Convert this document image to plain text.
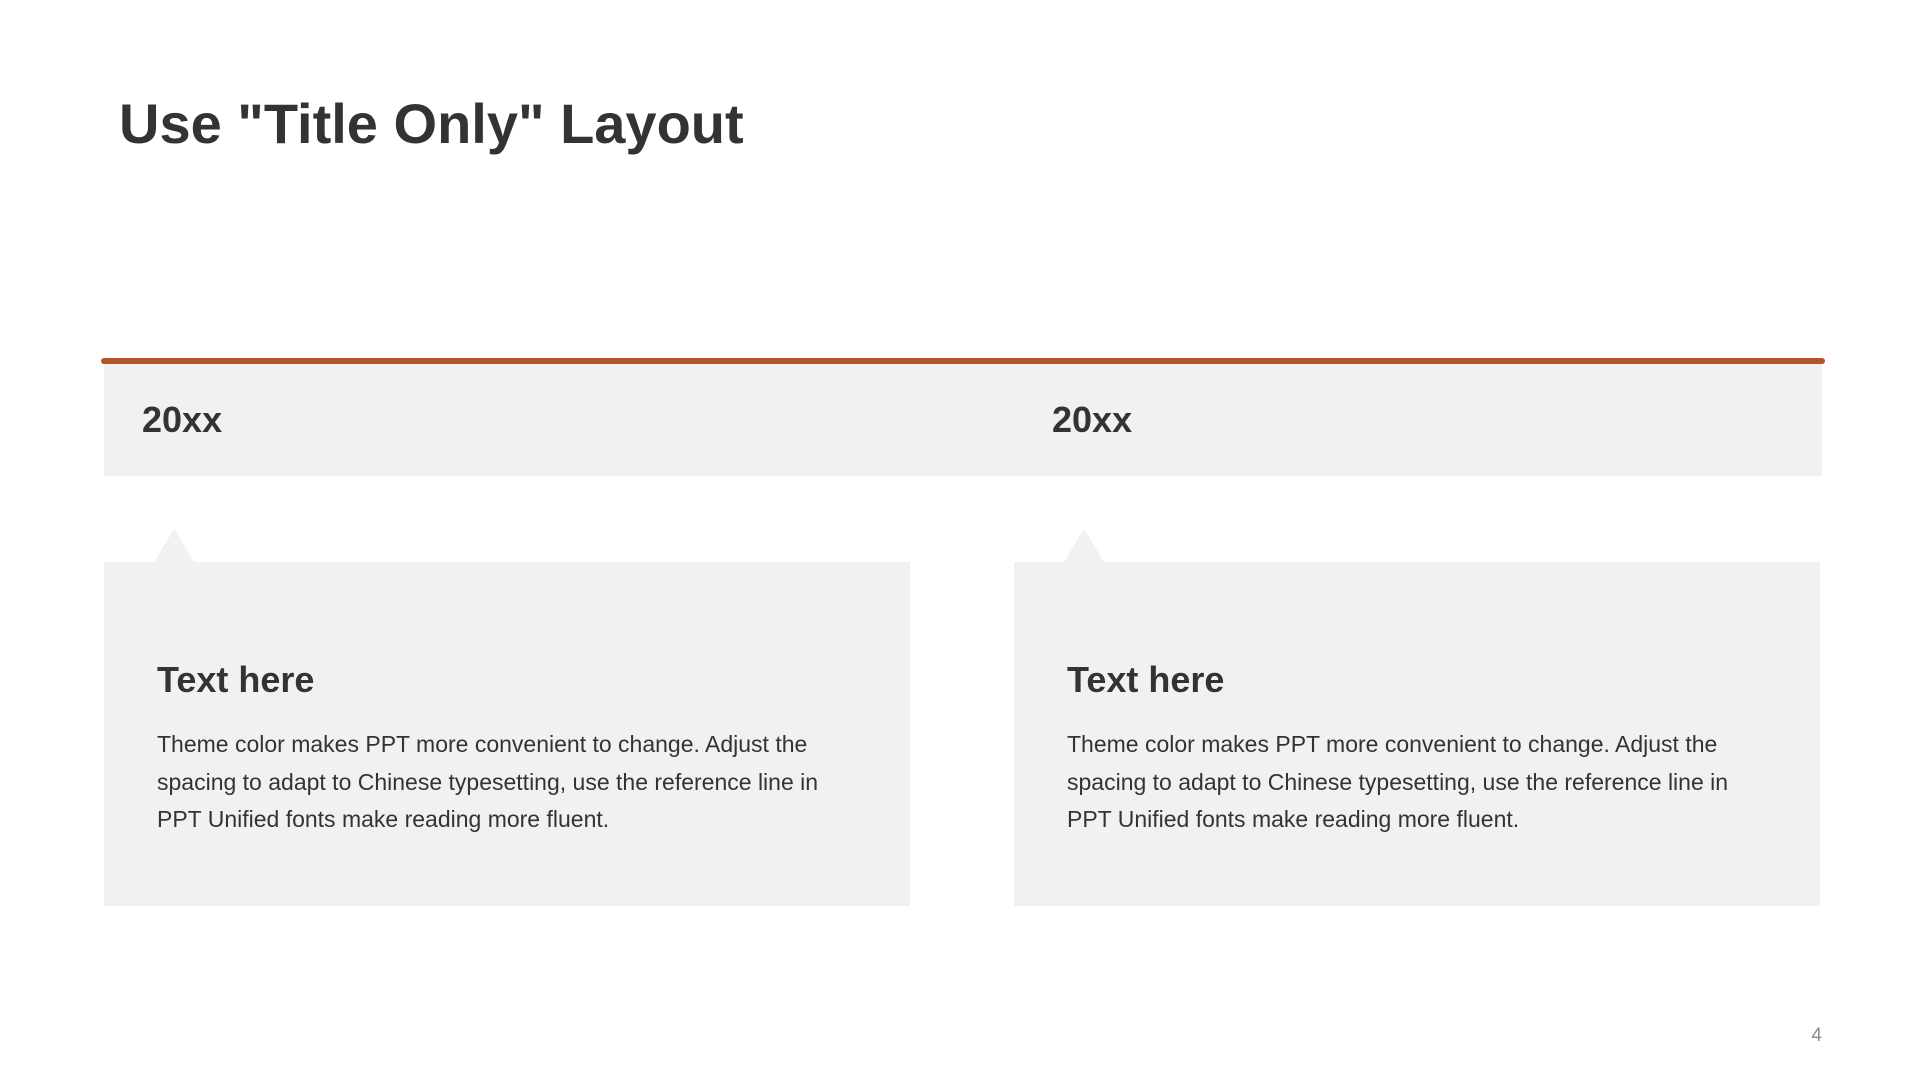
Use "Title Only" Layout
20xx	20xx
Text here

Theme color makes PPT more convenient to change. Adjust the spacing to adapt to Chinese typesetting, use the reference line in PPT Unified fonts make reading more fluent.

Text here

Theme color makes PPT more convenient to change. Adjust the spacing to adapt to Chinese typesetting, use the reference line in PPT Unified fonts make reading more fluent.

4
